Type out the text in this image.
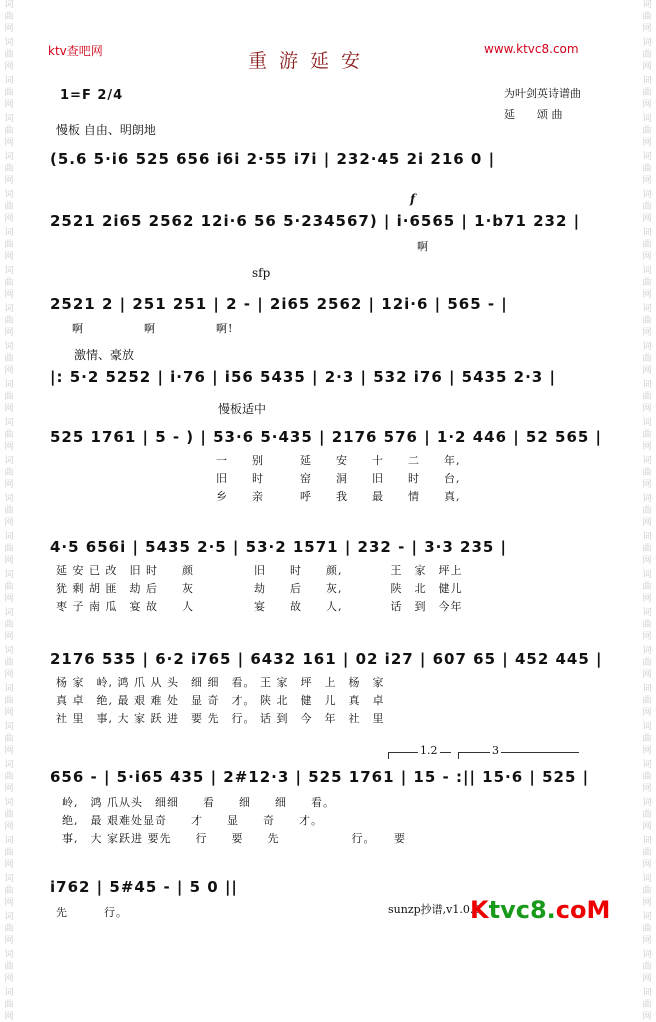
词
曲
网
词
曲
网
词
曲
网
词
曲
网
词
曲
网
词
曲
网
词
曲
网
词
曲
网
词
曲
网
词
曲
网
词
曲
网
词
曲
网
词
曲
网
词
曲
网
词
曲
网
词
曲
网
词
曲
网
词
曲
网
词
曲
网
词
曲
网
词
曲
网
词
曲
网
词
曲
网
词
曲
网
词
曲
网
词
曲
网
词
曲
网
词
曲
网
词
曲
网
词
曲
网
词
曲
网
词
曲
网
词
曲
网
词
曲
网
词
曲
网
词
曲
网
词
曲
网
词
曲
网
词
曲
网
词
曲
网
词
曲
网
词
曲
网
词
曲
网
词
曲
网
词
曲
网
词
曲
网
词
曲
网
词
曲
网
词
曲
网
词
曲
网
词
曲
网
词
曲
网
词
曲
网
词
曲
网
ktv查吧网	重游延安
www.ktvc8.com
1=F 2/4	为叶剑英诗谱曲
延　　颂 曲
慢板 自由、明朗地
(5.6 5·i6 525 656 i6i 2·55 i7i | 232·45 2i 216 0 |
f
2521 2i65 2562 12i·6 56 5·234567) | i·6565 | 1·b71 232 |
啊
sfp
2521 2 | 251 251 | 2 - | 2i65 2562 | 12i·6 | 565 - |
啊　　　　　啊　　　　　啊!
激情、豪放
|: 5·2 5252 | i·76 | i56 5435 | 2·3 | 532 i76 | 5435 2·3 |
慢板适中
525 1761 | 5 - ) | 53·6 5·435 | 2176 576 | 1·2 446 | 52 565 |
一　　别　　　延　　安　　十　　二　　年,
旧　　时　　　窑　　洞　　旧　　时　　台,
乡　　亲　　　呼　　我　　最　　情　　真,
4·5 656i | 5435 2·5 | 53·2 1571 | 232 - | 3·3 235 |
延 安 已 改　旧 时　　颜　　　　　旧　　时　　颜,　　　　王　家　坪上
犹 剩 胡 匪　劫 后　　灰　　　　　劫　　后　　灰,　　　　陕　北　健儿
枣 子 南 瓜　宴 故　　人　　　　　宴　　故　　人,　　　　话　到　今年
2176 535 | 6·2 i765 | 6432 161 | 02 i27 | 607 65 | 452 445 |
杨 家　岭, 鸿 爪 从 头　细 细　看。 王 家　坪　上　杨　家
真 卓　绝, 最 艰 难 处　显 奇　才。 陕 北　健　儿　真　卓
社 里　事, 大 家 跃 进　要 先　行。 话 到　今　年　社　里
1.2	3
656 - | 5·i65 435 | 2#12·3 | 525 1761 | 15 - :|| 15·6 | 525 |
岭,　鸿 爪从头　细细　　看　　细　　细　　看。
绝,　最 艰难处显奇　　才　　显　　奇　　才。
事,　大 家跃进 要先　　行　　要　　先　　　　　　行。　　要
i762 | 5#45 - | 5 0 ||
先　　　行。	sunzp抄谱,v1.0.0
Ktvc8.coM
